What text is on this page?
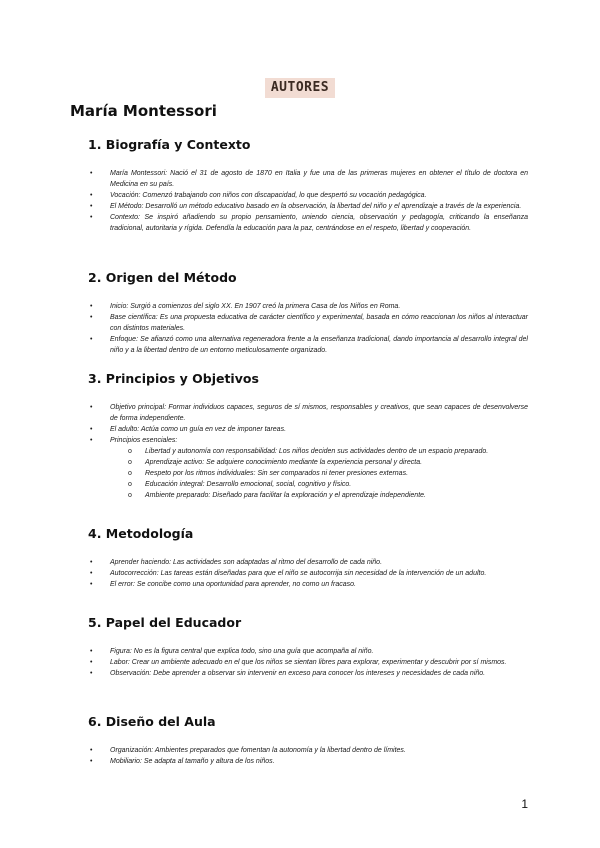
AUTORES
María Montessori
1. Biografía y Contexto
•	María Montessori: Nació el 31 de agosto de 1870 en Italia y fue una de las primeras mujeres en obtener el título de doctora en Medicina en su país.
•	Vocación: Comenzó trabajando con niños con discapacidad, lo que despertó su vocación pedagógica.
•	El Método: Desarrolló un método educativo basado en la observación, la libertad del niño y el aprendizaje a través de la experiencia.
•	Contexto: Se inspiró añadiendo su propio pensamiento, uniendo ciencia, observación y pedagogía, criticando la enseñanza tradicional, autoritaria y rígida. Defendía la educación para la paz, centrándose en el respeto, libertad y cooperación.
2. Origen del Método
•	Inicio: Surgió a comienzos del siglo XX. En 1907 creó la primera Casa de los Niños en Roma.
•	Base científica: Es una propuesta educativa de carácter científico y experimental, basada en cómo reaccionan los niños al interactuar con distintos materiales.
•	Enfoque: Se afianzó como una alternativa regeneradora frente a la enseñanza tradicional, dando importancia al desarrollo integral del niño y a la libertad dentro de un entorno meticulosamente organizado.
3. Principios y Objetivos
•	Objetivo principal: Formar individuos capaces, seguros de sí mismos, responsables y creativos, que sean capaces de desenvolverse de forma independiente.
•	El adulto: Actúa como un guía en vez de imponer tareas.
•	Principios esenciales:
o Libertad y autonomía con responsabilidad: Los niños deciden sus actividades dentro de un espacio preparado.
o Aprendizaje activo: Se adquiere conocimiento mediante la experiencia personal y directa.
o Respeto por los ritmos individuales: Sin ser comparados ni tener presiones externas.
o Educación integral: Desarrollo emocional, social, cognitivo y físico.
o Ambiente preparado: Diseñado para facilitar la exploración y el aprendizaje independiente.
4. Metodología
•	Aprender haciendo: Las actividades son adaptadas al ritmo del desarrollo de cada niño.
•	Autocorrección: Las tareas están diseñadas para que el niño se autocorrija sin necesidad de la intervención de un adulto.
•	El error: Se concibe como una oportunidad para aprender, no como un fracaso.
5. Papel del Educador
•	Figura: No es la figura central que explica todo, sino una guía que acompaña al niño.
•	Labor: Crear un ambiente adecuado en el que los niños se sientan libres para explorar, experimentar y descubrir por sí mismos.
•	Observación: Debe aprender a observar sin intervenir en exceso para conocer los intereses y necesidades de cada niño.
6. Diseño del Aula
•	Organización: Ambientes preparados que fomentan la autonomía y la libertad dentro de límites.
•	Mobiliario: Se adapta al tamaño y altura de los niños.
1
